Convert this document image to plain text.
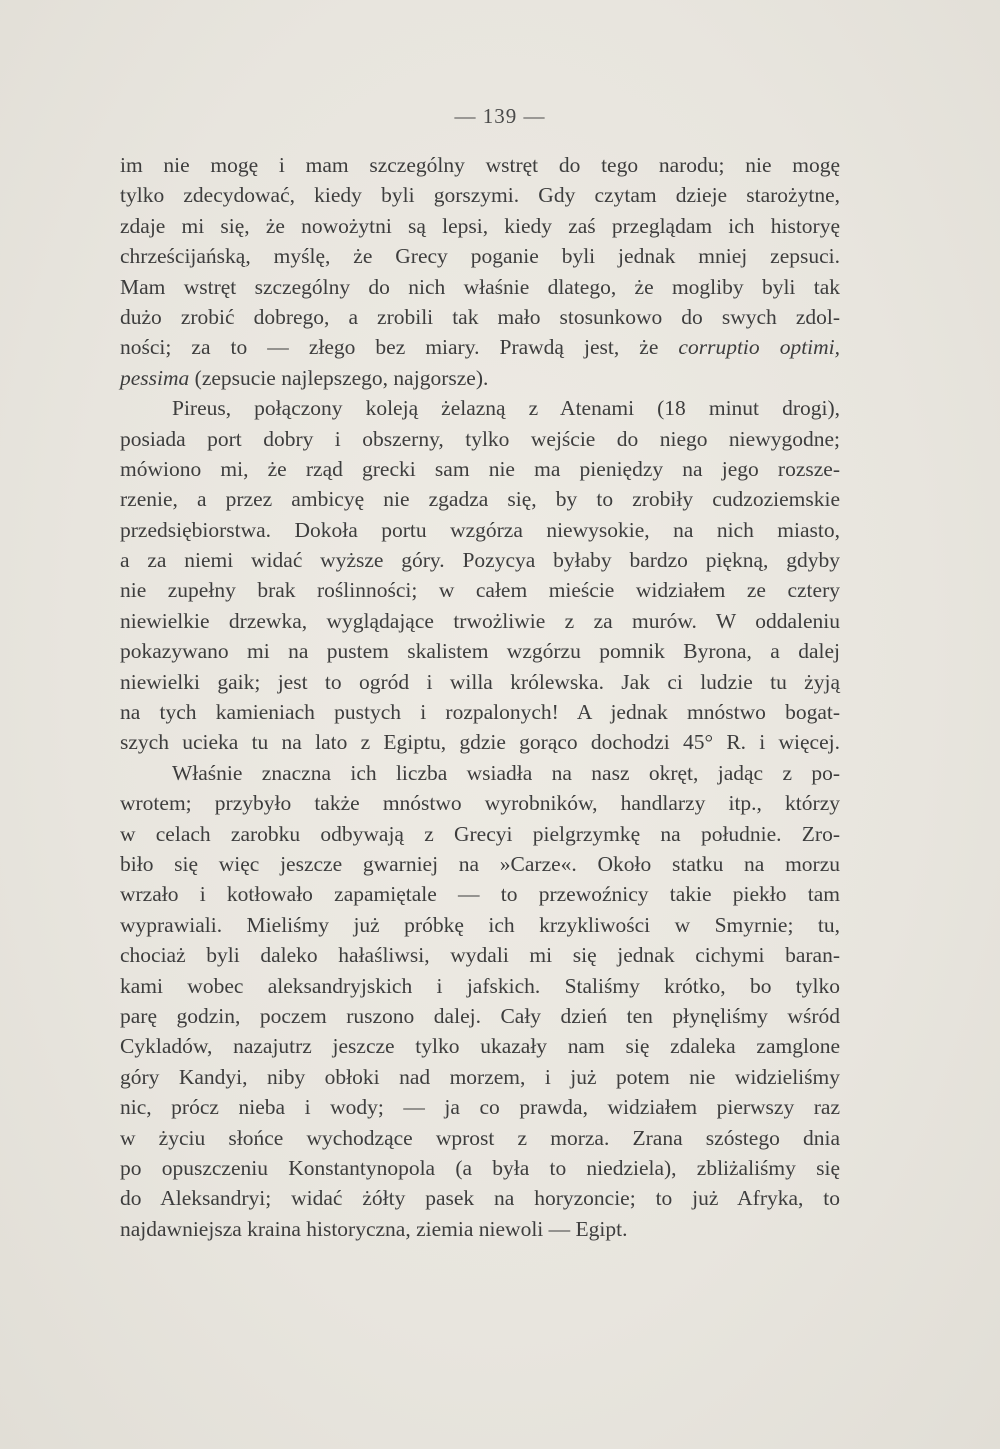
— 139 —
im nie mogę i mam szczególny wstręt do tego narodu; nie mogę
tylko zdecydować, kiedy byli gorszymi. Gdy czytam dzieje starożytne,
zdaje mi się, że nowożytni są lepsi, kiedy zaś przeglądam ich historyę
chrześcijańską, myślę, że Grecy poganie byli jednak mniej zepsuci.
Mam wstręt szczególny do nich właśnie dlatego, że mogliby byli tak
dużo zrobić dobrego, a zrobili tak mało stosunkowo do swych zdol-
ności; za to — złego bez miary. Prawdą jest, że corruptio optimi,
pessima (zepsucie najlepszego, najgorsze).
Pireus, połączony koleją żelazną z Atenami (18 minut drogi),
posiada port dobry i obszerny, tylko wejście do niego niewygodne;
mówiono mi, że rząd grecki sam nie ma pieniędzy na jego rozsze-
rzenie, a przez ambicyę nie zgadza się, by to zrobiły cudzoziemskie
przedsiębiorstwa. Dokoła portu wzgórza niewysokie, na nich miasto,
a za niemi widać wyższe góry. Pozycya byłaby bardzo piękną, gdyby
nie zupełny brak roślinności; w całem mieście widziałem ze cztery
niewielkie drzewka, wyglądające trwożliwie z za murów. W oddaleniu
pokazywano mi na pustem skalistem wzgórzu pomnik Byrona, a dalej
niewielki gaik; jest to ogród i willa królewska. Jak ci ludzie tu żyją
na tych kamieniach pustych i rozpalonych! A jednak mnóstwo bogat-
szych ucieka tu na lato z Egiptu, gdzie gorąco dochodzi 45° R. i więcej.
Właśnie znaczna ich liczba wsiadła na nasz okręt, jadąc z po-
wrotem; przybyło także mnóstwo wyrobników, handlarzy itp., którzy
w celach zarobku odbywają z Grecyi pielgrzymkę na południe. Zro-
biło się więc jeszcze gwarniej na »Carze«. Około statku na morzu
wrzało i kotłowało zapamiętale — to przewoźnicy takie piekło tam
wyprawiali. Mieliśmy już próbkę ich krzykliwości w Smyrnie; tu,
chociaż byli daleko hałaśliwsi, wydali mi się jednak cichymi baran-
kami wobec aleksandryjskich i jafskich. Staliśmy krótko, bo tylko
parę godzin, poczem ruszono dalej. Cały dzień ten płynęliśmy wśród
Cykladów, nazajutrz jeszcze tylko ukazały nam się zdaleka zamglone
góry Kandyi, niby obłoki nad morzem, i już potem nie widzieliśmy
nic, prócz nieba i wody; — ja co prawda, widziałem pierwszy raz
w życiu słońce wychodzące wprost z morza. Zrana szóstego dnia
po opuszczeniu Konstantynopola (a była to niedziela), zbliżaliśmy się
do Aleksandryi; widać żółty pasek na horyzoncie; to już Afryka, to
najdawniejsza kraina historyczna, ziemia niewoli — Egipt.
